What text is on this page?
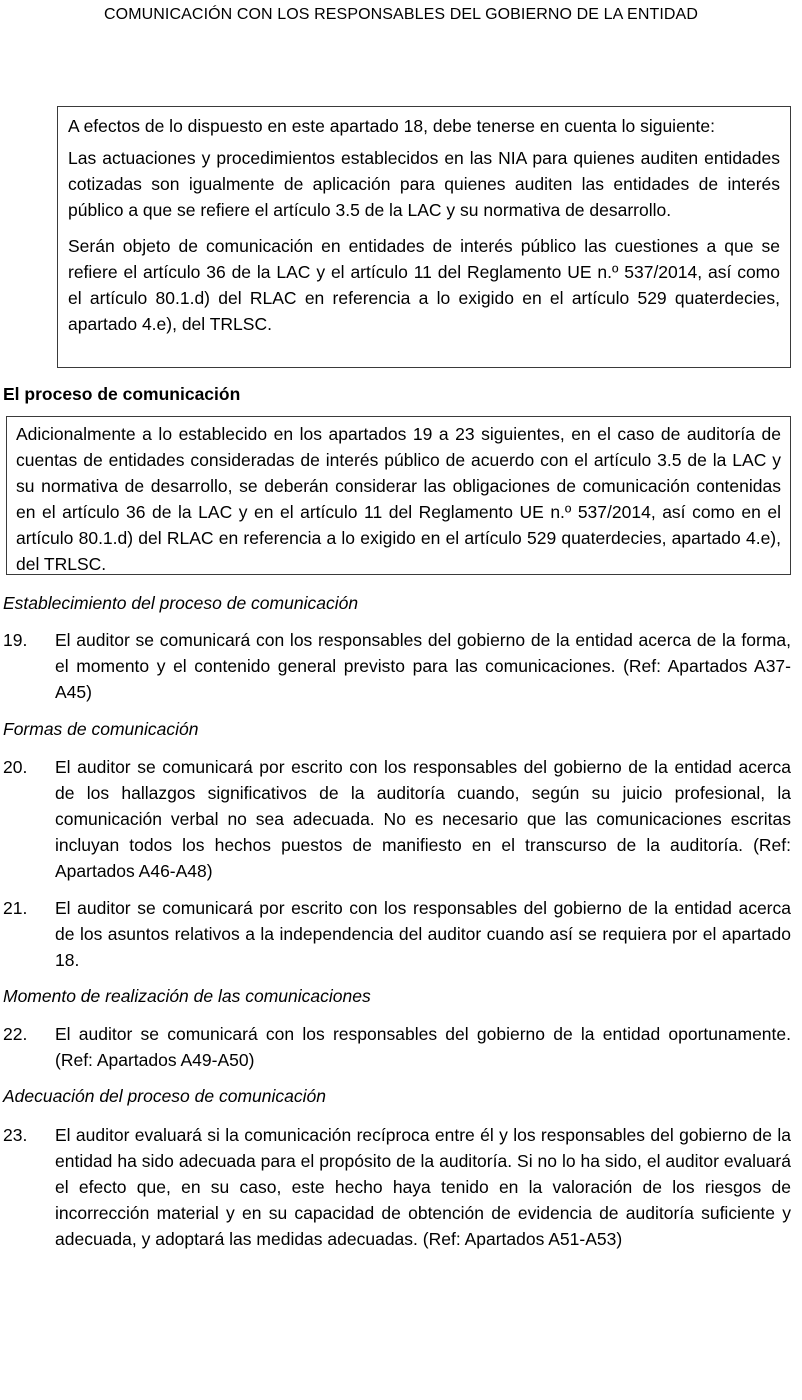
COMUNICACIÓN CON LOS RESPONSABLES DEL GOBIERNO DE LA ENTIDAD

A efectos de lo dispuesto en este apartado 18, debe tenerse en cuenta lo siguiente:

Las actuaciones y procedimientos establecidos en las NIA para quienes auditen entidades cotizadas son igualmente de aplicación para quienes auditen las entidades de interés público a que se refiere el artículo 3.5 de la LAC y su normativa de desarrollo.

Serán objeto de comunicación en entidades de interés público las cuestiones a que se refiere el artículo 36 de la LAC y el artículo 11 del Reglamento UE n.º 537/2014, así como el artículo 80.1.d) del RLAC en referencia a lo exigido en el artículo 529 quaterdecies, apartado 4.e), del TRLSC.

El proceso de comunicación

Adicionalmente a lo establecido en los apartados 19 a 23 siguientes, en el caso de auditoría de cuentas de entidades consideradas de interés público de acuerdo con el artículo 3.5 de la LAC y su normativa de desarrollo, se deberán considerar las obligaciones de comunicación contenidas en el artículo 36 de la LAC y en el artículo 11 del Reglamento UE n.º 537/2014, así como en el artículo 80.1.d) del RLAC en referencia a lo exigido en el artículo 529 quaterdecies, apartado 4.e), del TRLSC.

Establecimiento del proceso de comunicación
19. El auditor se comunicará con los responsables del gobierno de la entidad acerca de la forma, el momento y el contenido general previsto para las comunicaciones. (Ref: Apartados A37-A45)
Formas de comunicación
20. El auditor se comunicará por escrito con los responsables del gobierno de la entidad acerca de los hallazgos significativos de la auditoría cuando, según su juicio profesional, la comunicación verbal no sea adecuada. No es necesario que las comunicaciones escritas incluyan todos los hechos puestos de manifiesto en el transcurso de la auditoría. (Ref: Apartados A46-A48)
21. El auditor se comunicará por escrito con los responsables del gobierno de la entidad acerca de los asuntos relativos a la independencia del auditor cuando así se requiera por el apartado 18.
Momento de realización de las comunicaciones
22. El auditor se comunicará con los responsables del gobierno de la entidad oportunamente. (Ref: Apartados A49-A50)
Adecuación del proceso de comunicación
23. El auditor evaluará si la comunicación recíproca entre él y los responsables del gobierno de la entidad ha sido adecuada para el propósito de la auditoría. Si no lo ha sido, el auditor evaluará el efecto que, en su caso, este hecho haya tenido en la valoración de los riesgos de incorrección material y en su capacidad de obtención de evidencia de auditoría suficiente y adecuada, y adoptará las medidas adecuadas. (Ref: Apartados A51-A53)
